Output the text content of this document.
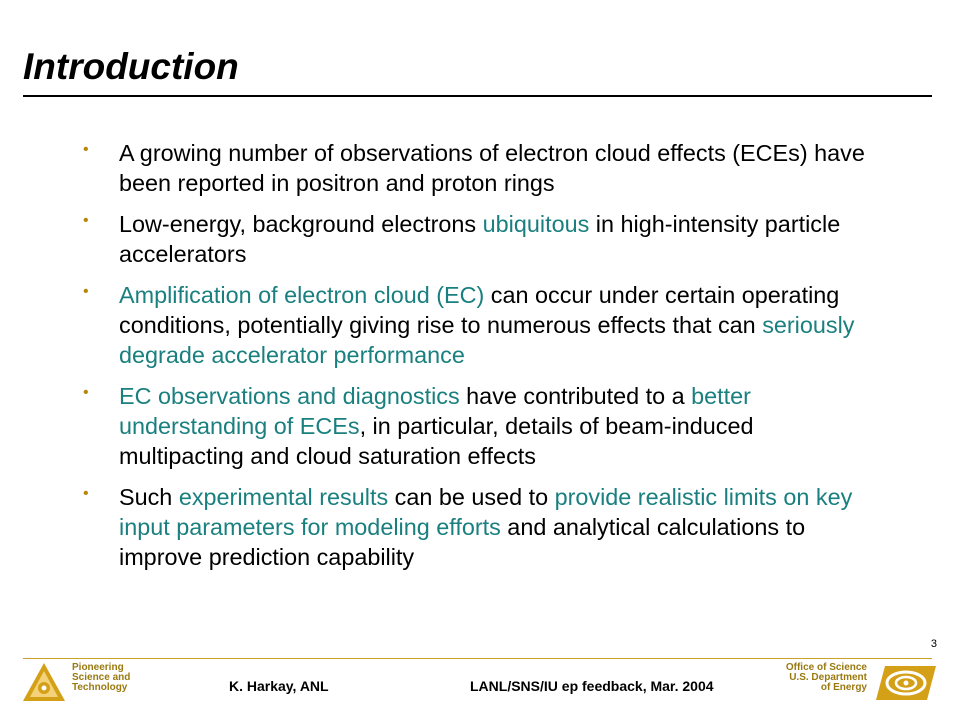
Introduction
• A growing number of observations of electron cloud effects (ECEs) have been reported in positron and proton rings
• Low-energy, background electrons ubiquitous in high-intensity particle accelerators
• Amplification of electron cloud (EC) can occur under certain operating conditions, potentially giving rise to numerous effects that can seriously degrade accelerator performance
• EC observations and diagnostics have contributed to a better understanding of ECEs, in particular, details of beam-induced multipacting and cloud saturation effects
• Such experimental results can be used to provide realistic limits on key input parameters for modeling efforts and analytical calculations to improve prediction capability
3
Pioneering
Science and
Technology	K. Harkay, ANL	LANL/SNS/IU ep feedback, Mar. 2004
Office of Science
U.S. Department
of Energy
